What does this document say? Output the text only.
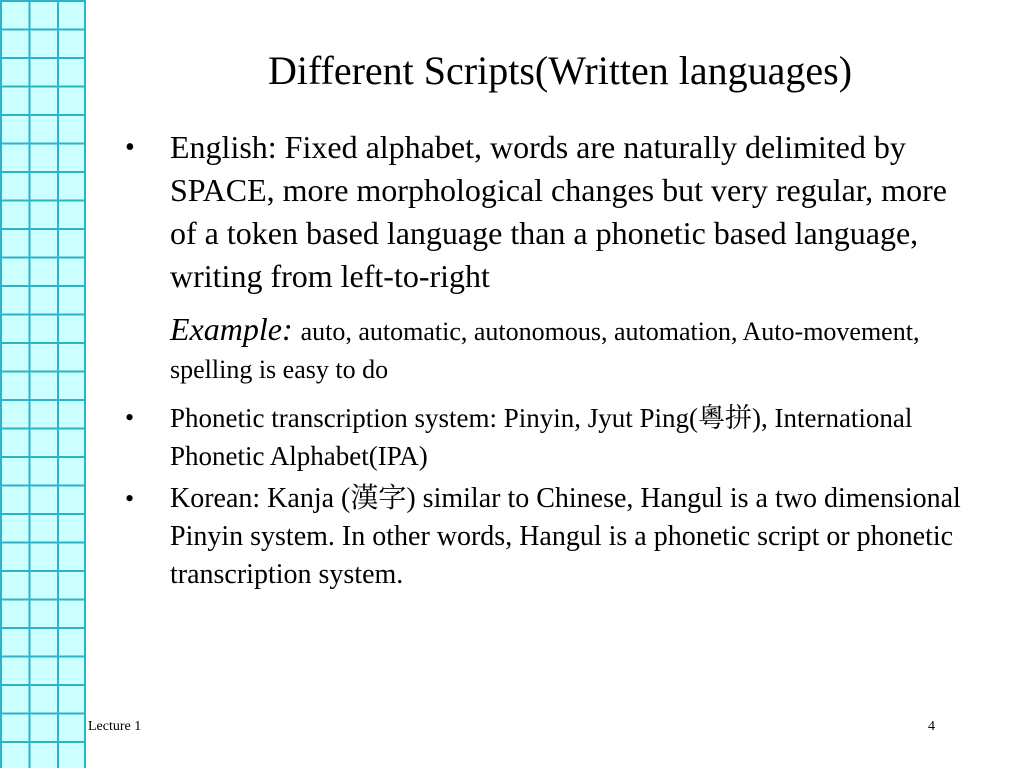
Different Scripts(Written languages)
• English: Fixed alphabet, words are naturally delimited by SPACE, more morphological changes but very regular, more of a token based language than a phonetic based language, writing from left-to-right
Example: auto, automatic, autonomous, automation, Auto-movement, spelling is easy to do
• Phonetic transcription system: Pinyin, Jyut Ping(粵拼), International Phonetic Alphabet(IPA)
• Korean: Kanja (漢字) similar to Chinese, Hangul is a two dimensional Pinyin system. In other words, Hangul is a phonetic script or phonetic transcription system.
Lecture 1	4
